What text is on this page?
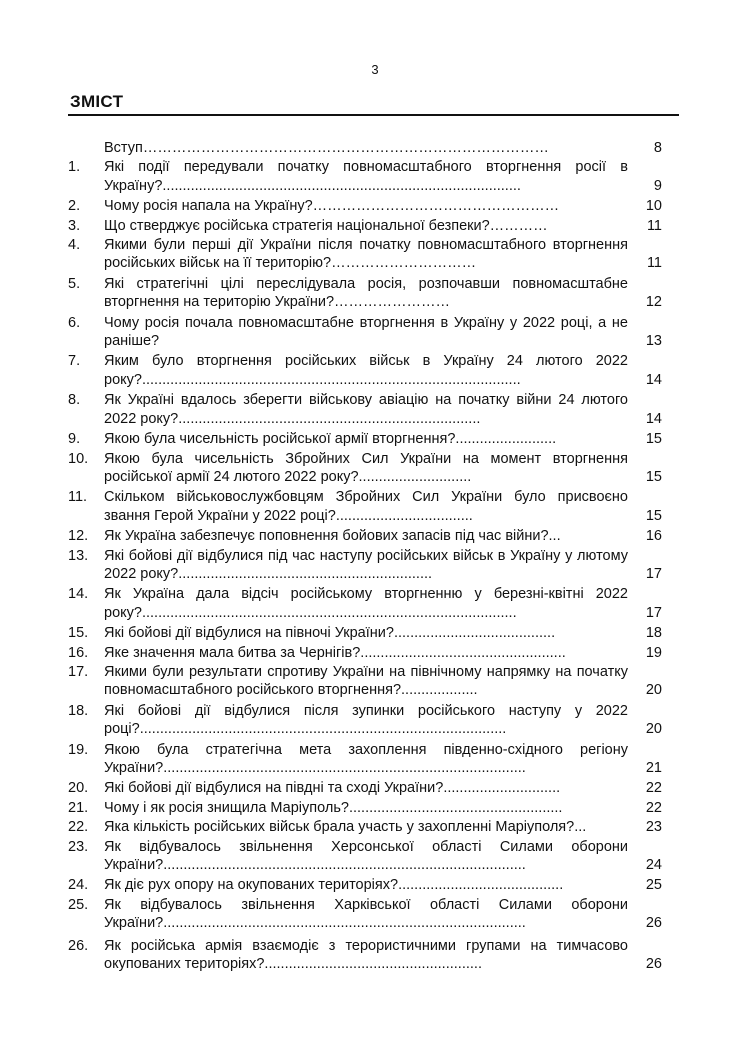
3
ЗМІСТ
Вступ…………………………………………………………………………	8
1.	Які події передували початку повномасштабного вторгнення росії в Україну?.........................................................................................	9
2.	Чому росія напала на Україну?……………………………………………	10
3.	Що стверджує російська стратегія національної безпеки?…………	11
4.	Якими були перші дії України після початку повномасштабного вторгнення російських військ на її територію?…………………………	11
5.	Які стратегічні цілі переслідувала росія, розпочавши повномасштабне вторгнення на територію України?……………………	12
6.	Чому росія почала повномасштабне вторгнення в Україну у 2022 році, а не раніше?	13
7.	Яким було вторгнення російських військ в Україну 24 лютого 2022 року?..............................................................................................	14
8.	Як Україні вдалось зберегти військову авіацію на початку війни 24 лютого 2022 року?...........................................................................	14
9.	Якою була чисельність російської армії вторгнення?.........................	15
10.	Якою була чисельність Збройних Сил України на момент вторгнення російської армії 24 лютого 2022 року?............................	15
11.	Скільком військовослужбовцям Збройних Сил України було присвоєно звання Герой України у 2022 році?..................................	15
12.	Як Україна забезпечує поповнення бойових запасів під час війни?...	16
13.	Які бойові дії відбулися під час наступу російських військ в Україну у лютому 2022 року?...............................................................	17
14.	Як Україна дала відсіч російському вторгненню у березні-квітні 2022 року?.............................................................................................	17
15.	Які бойові дії відбулися на півночі України?........................................	18
16.	Яке значення мала битва за Чернігів?...................................................	19
17.	Якими були результати спротиву України на північному напрямку на початку повномасштабного російського вторгнення?...................	20
18.	Які бойові дії відбулися після зупинки російського наступу у 2022 році?...........................................................................................	20
19.	Якою була стратегічна мета захоплення південно-східного регіону України?..........................................................................................	21
20.	Які бойові дії відбулися на півдні та сході України?.............................	22
21.	Чому і як росія знищила Маріуполь?.....................................................	22
22.	Яка кількість російських військ брала участь у захопленні Маріуполя?...	23
23.	Як відбувалось звільнення Херсонської області Силами оборони України?..........................................................................................	24
24.	Як діє рух опору на окупованих територіях?.........................................	25
25.	Як відбувалось звільнення Харківської області Силами оборони України?..........................................................................................	26
26.	Як російська армія взаємодіє з терористичними групами на тимчасово окупованих територіях?......................................................	26
